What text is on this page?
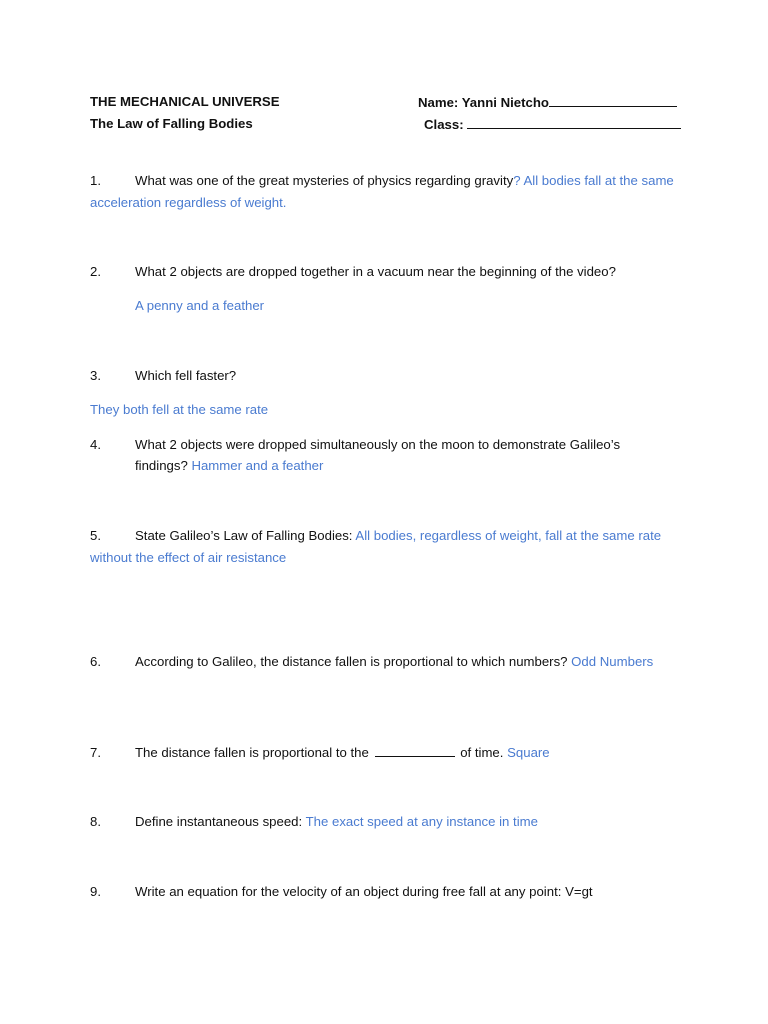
THE MECHANICAL UNIVERSE
The Law of Falling Bodies
Name: Yanni Nietcho
Class:
1.	What was one of the great mysteries of physics regarding gravity? All bodies fall at the same acceleration regardless of weight.
2.	What 2 objects are dropped together in a vacuum near the beginning of the video?
A penny and a feather
3.	Which fell faster?
They both fell at the same rate
4.	What 2 objects were dropped simultaneously on the moon to demonstrate Galileo’s
findings? Hammer and a feather
5.	State Galileo’s Law of Falling Bodies: All bodies, regardless of weight, fall at the same rate without the effect of air resistance
6.	According to Galileo, the distance fallen is proportional to which numbers? Odd Numbers
7.	The distance fallen is proportional to the	of time. Square
8.	Define instantaneous speed: The exact speed at any instance in time
9.	Write an equation for the velocity of an object during free fall at any point: V=gt
